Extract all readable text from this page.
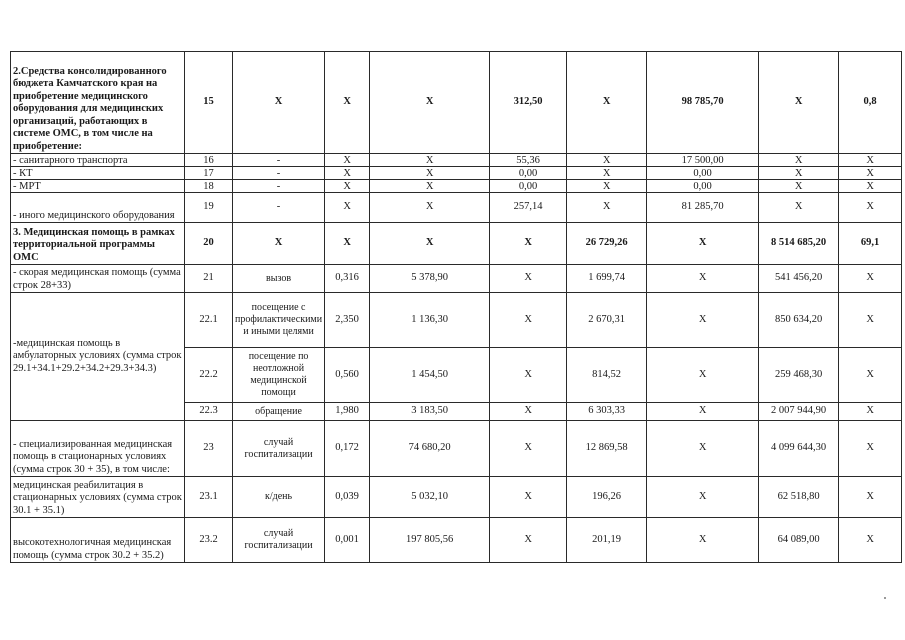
2.Средства консолидированного бюджета Камчатского края на приобретение медицинского оборудования для медицинских организаций, работающих в системе ОМС, в том числе на приобретение:	15	X	X	X	312,50	X	98 785,70	X	0,8
- санитарного транспорта	16	-	X	X	55,36	X	17 500,00	X	X
- КТ	17	-	X	X	0,00	X	0,00	X	X
- МРТ	18	-	X	X	0,00	X	0,00	X	X
- иного медицинского оборудования	19	-	X	X	257,14	X	81 285,70	X	X
3. Медицинская помощь в рамках территориальной программы ОМС	20	X	X	X	X	26 729,26	X	8 514 685,20	69,1
- скорая медицинская помощь (сумма строк 28+33)	21	вызов	0,316	5 378,90	X	1 699,74	X	541 456,20	X
-медицинская помощь в амбулаторных условиях (сумма строк 29.1+34.1+29.2+34.2+29.3+34.3)	22.1	посещение с профилактическими и иными целями	2,350	1 136,30	X	2 670,31	X	850 634,20	X
	22.2	посещение по неотложной медицинской помощи	0,560	1 454,50	X	814,52	X	259 468,30	X
	22.3	обращение	1,980	3 183,50	X	6 303,33	X	2 007 944,90	X
- специализированная медицинская помощь в стационарных условиях (сумма строк 30 + 35), в том числе:	23	случай госпитализации	0,172	74 680,20	X	12 869,58	X	4 099 644,30	X
медицинская реабилитация в стационарных условиях (сумма строк 30.1 + 35.1)	23.1	к/день	0,039	5 032,10	X	196,26	X	62 518,80	X
высокотехнологичная медицинская помощь (сумма строк 30.2 + 35.2)	23.2	случай госпитализации	0,001	197 805,56	X	201,19	X	64 089,00	X
